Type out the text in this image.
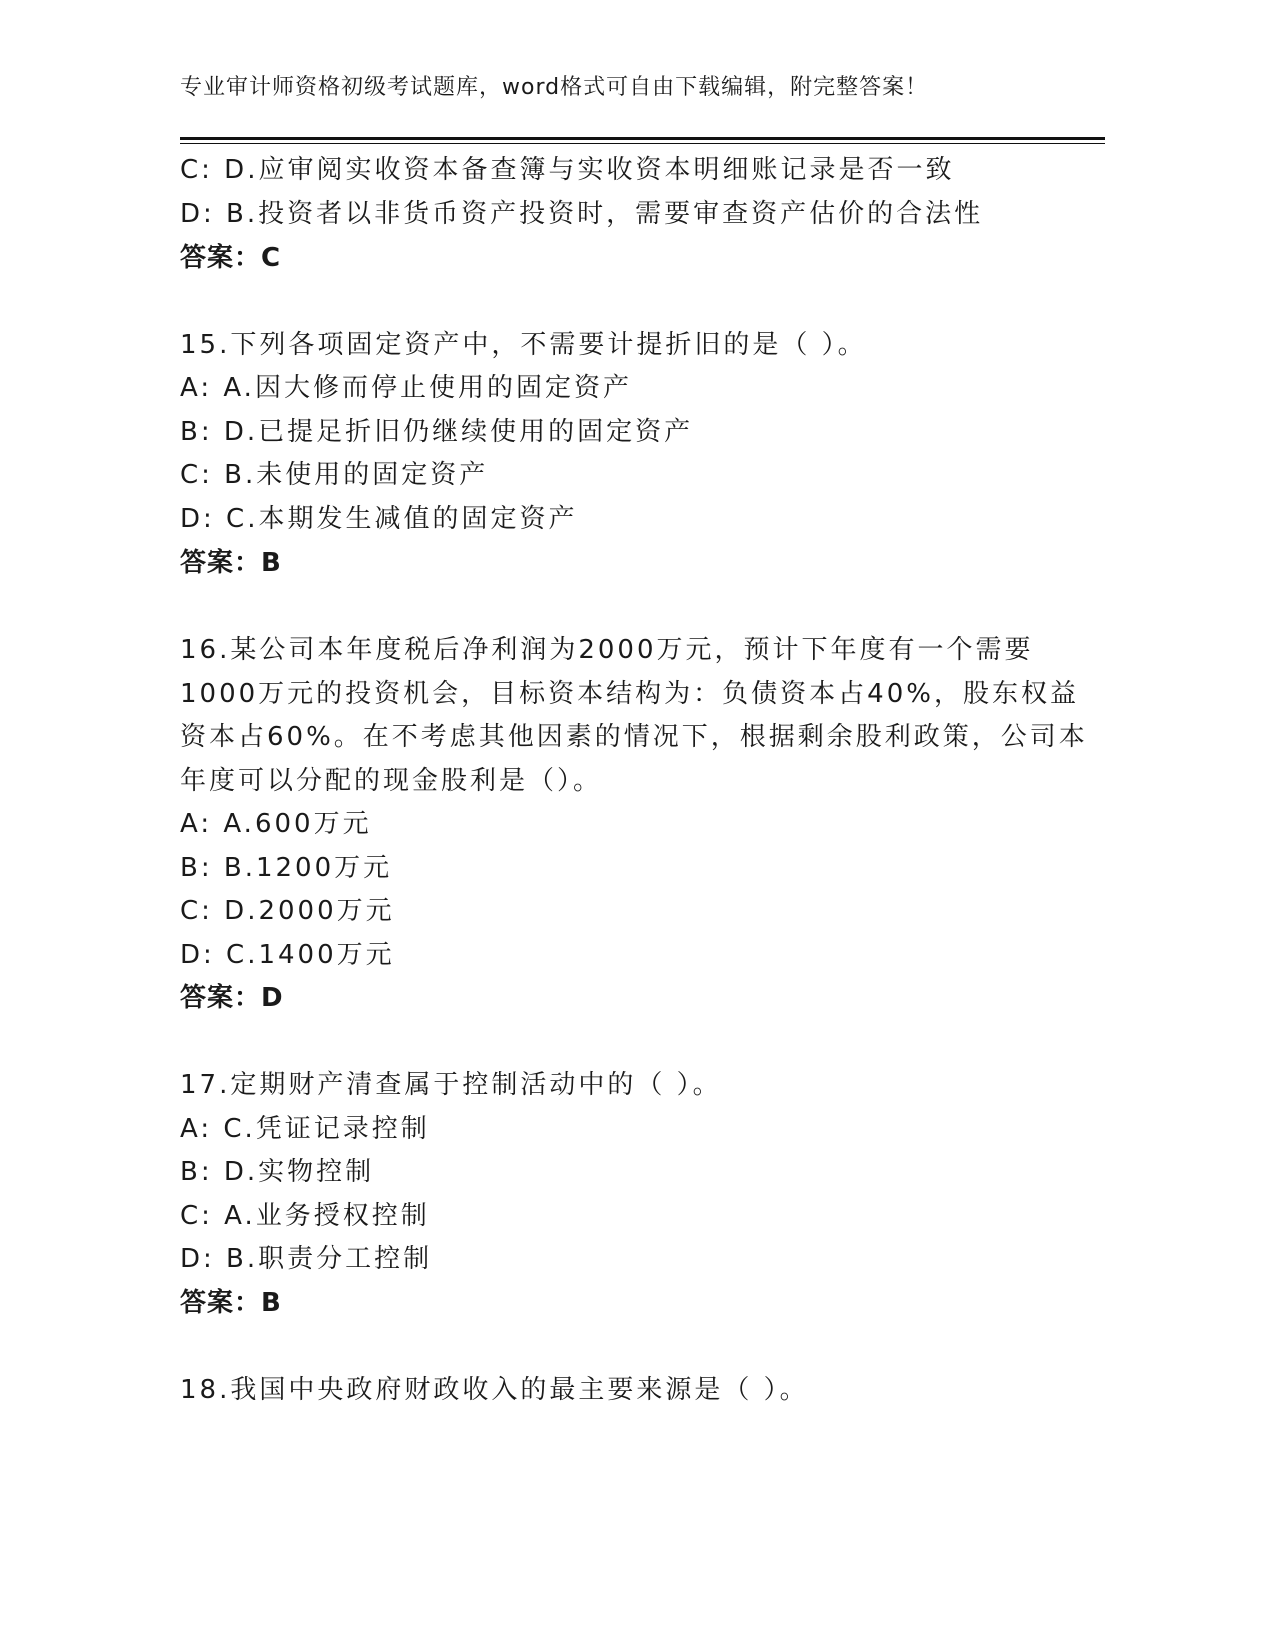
专业审计师资格初级考试题库，word格式可自由下载编辑，附完整答案！
C: D.应审阅实收资本备查簿与实收资本明细账记录是否一致
D: B.投资者以非货币资产投资时，需要审查资产估价的合法性
答案：C
15.下列各项固定资产中，不需要计提折旧的是（ ）。
A: A.因大修而停止使用的固定资产
B: D.已提足折旧仍继续使用的固定资产
C: B.未使用的固定资产
D: C.本期发生减值的固定资产
答案：B
16.某公司本年度税后净利润为2000万元，预计下年度有一个需要
1000万元的投资机会，目标资本结构为：负债资本占40%，股东权益
资本占60%。在不考虑其他因素的情况下，根据剩余股利政策，公司本
年度可以分配的现金股利是（）。
A: A.600万元
B: B.1200万元
C: D.2000万元
D: C.1400万元
答案：D
17.定期财产清查属于控制活动中的（ ）。
A: C.凭证记录控制
B: D.实物控制
C: A.业务授权控制
D: B.职责分工控制
答案：B
18.我国中央政府财政收入的最主要来源是（ ）。
